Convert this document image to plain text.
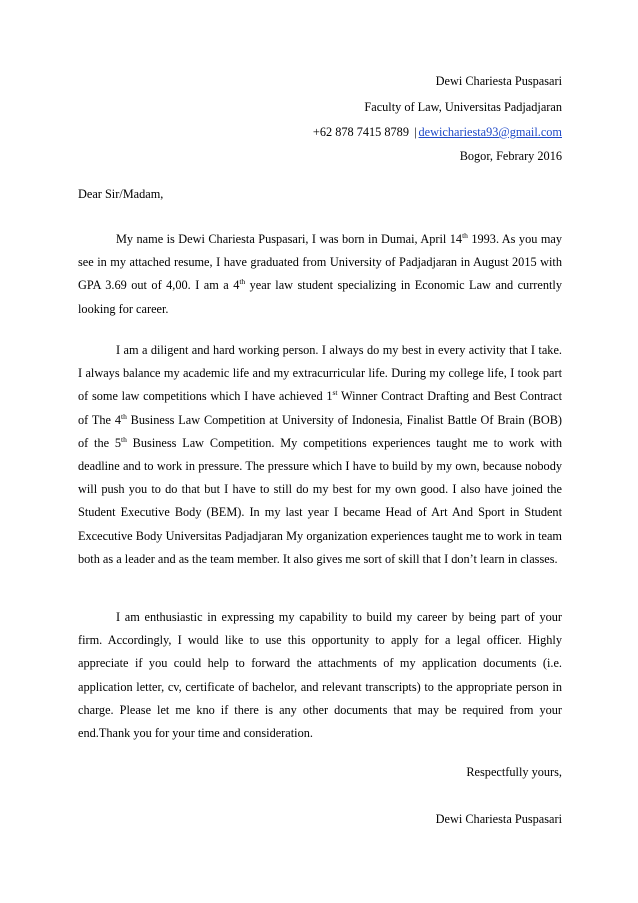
Dewi Chariesta Puspasari
Faculty of Law, Universitas Padjadjaran
+62 878 7415 8789 | dewichariesta93@gmail.com
Bogor, Febrary 2016
Dear Sir/Madam,

My name is Dewi Chariesta Puspasari, I was born in Dumai, April 14th 1993. As you may see in my attached resume, I have graduated from University of Padjadjaran in August 2015 with GPA 3.69 out of 4,00. I am a 4th year law student specializing in Economic Law and currently looking for career.

I am a diligent and hard working person. I always do my best in every activity that I take. I always balance my academic life and my extracurricular life. During my college life, I took part of some law competitions which I have achieved 1st Winner Contract Drafting and Best Contract of The 4th Business Law Competition at University of Indonesia, Finalist Battle Of Brain (BOB) of the 5th Business Law Competition. My competitions experiences taught me to work with deadline and to work in pressure. The pressure which I have to build by my own, because nobody will push you to do that but I have to still do my best for my own good. I also have joined the Student Executive Body (BEM). In my last year I became Head of Art And Sport in Student Excecutive Body Universitas Padjadjaran My organization experiences taught me to work in team both as a leader and as the team member. It also gives me sort of skill that I don’t learn in classes.

I am enthusiastic in expressing my capability to build my career by being part of your firm. Accordingly, I would like to use this opportunity to apply for a legal officer. Highly appreciate if you could help to forward the attachments of my application documents (i.e. application letter, cv, certificate of bachelor, and relevant transcripts) to the appropriate person in charge. Please let me kno if there is any other documents that may be required from your end.Thank you for your time and consideration.

Respectfully yours,
Dewi Chariesta Puspasari
